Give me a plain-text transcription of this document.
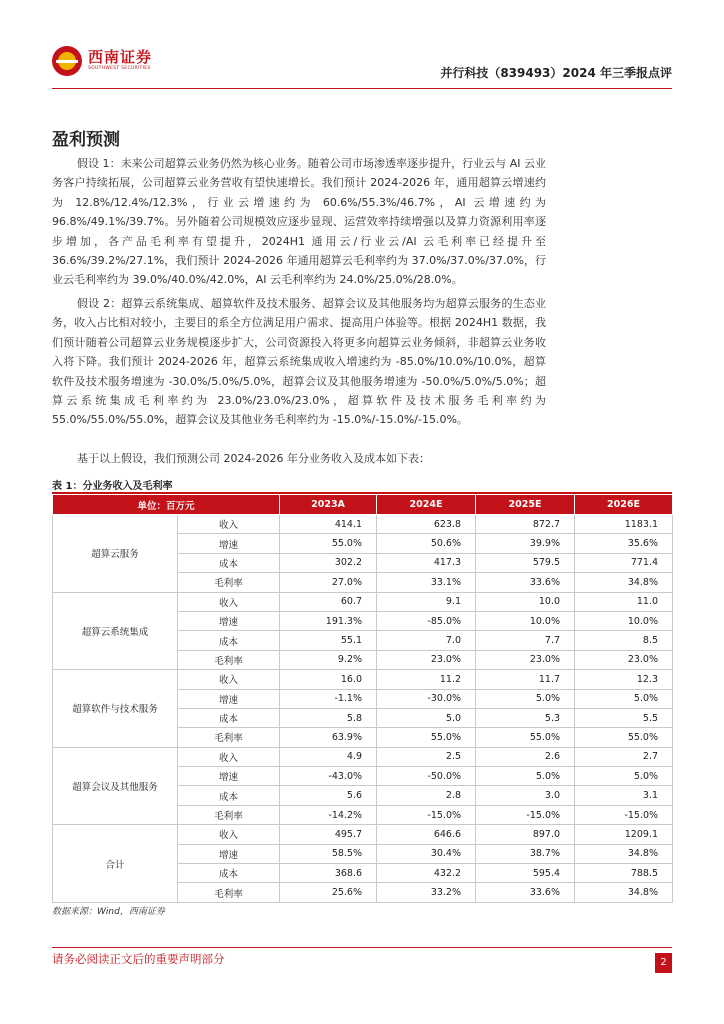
西南证券
SOUTHWEST SECURITIES	并行科技（839493）2024 年三季报点评
盈利预测

假设 1：未来公司超算云业务仍然为核心业务。随着公司市场渗透率逐步提升，行业云与 AI 云业务客户持续拓展，公司超算云业务营收有望快速增长。我们预计 2024-2026 年，通用超算云增速约为 12.8%/12.4%/12.3%，行业云增速约为 60.6%/55.3%/46.7%，AI 云增速约为 96.8%/49.1%/39.7%。另外随着公司规模效应逐步显现、运营效率持续增强以及算力资源利用率逐步增加，各产品毛利率有望提升，2024H1 通用云/行业云/AI 云毛利率已经提升至 36.6%/39.2%/27.1%，我们预计 2024-2026 年通用超算云毛利率约为 37.0%/37.0%/37.0%，行业云毛利率约为 39.0%/40.0%/42.0%，AI 云毛利率约为 24.0%/25.0%/28.0%。

假设 2：超算云系统集成、超算软件及技术服务、超算会议及其他服务均为超算云服务的生态业务，收入占比相对较小，主要目的系全方位满足用户需求、提高用户体验等。根据 2024H1 数据，我们预计随着公司超算云业务规模逐步扩大，公司资源投入将更多向超算云业务倾斜，非超算云业务收入将下降。我们预计 2024-2026 年，超算云系统集成收入增速约为 -85.0%/10.0%/10.0%，超算软件及技术服务增速为 -30.0%/5.0%/5.0%，超算会议及其他服务增速为 -50.0%/5.0%/5.0%；超算云系统集成毛利率约为 23.0%/23.0%/23.0%，超算软件及技术服务毛利率约为 55.0%/55.0%/55.0%，超算会议及其他业务毛利率约为 -15.0%/-15.0%/-15.0%。

基于以上假设，我们预测公司 2024-2026 年分业务收入及成本如下表：

表 1：分业务收入及毛利率
单位：百万元		2023A	2024E	2025E	2026E
超算云服务	收入	414.1	623.8	872.7	1183.1
	增速	55.0%	50.6%	39.9%	35.6%
	成本	302.2	417.3	579.5	771.4
	毛利率	27.0%	33.1%	33.6%	34.8%
超算云系统集成	收入	60.7	9.1	10.0	11.0
	增速	191.3%	-85.0%	10.0%	10.0%
	成本	55.1	7.0	7.7	8.5
	毛利率	9.2%	23.0%	23.0%	23.0%
超算软件与技术服务	收入	16.0	11.2	11.7	12.3
	增速	-1.1%	-30.0%	5.0%	5.0%
	成本	5.8	5.0	5.3	5.5
	毛利率	63.9%	55.0%	55.0%	55.0%
超算会议及其他服务	收入	4.9	2.5	2.6	2.7
	增速	-43.0%	-50.0%	5.0%	5.0%
	成本	5.6	2.8	3.0	3.1
	毛利率	-14.2%	-15.0%	-15.0%	-15.0%
合计	收入	495.7	646.6	897.0	1209.1
	增速	58.5%	30.4%	38.7%	34.8%
	成本	368.6	432.2	595.4	788.5
	毛利率	25.6%	33.2%	33.6%	34.8%
数据来源：Wind，西南证券
请务必阅读正文后的重要声明部分	2
